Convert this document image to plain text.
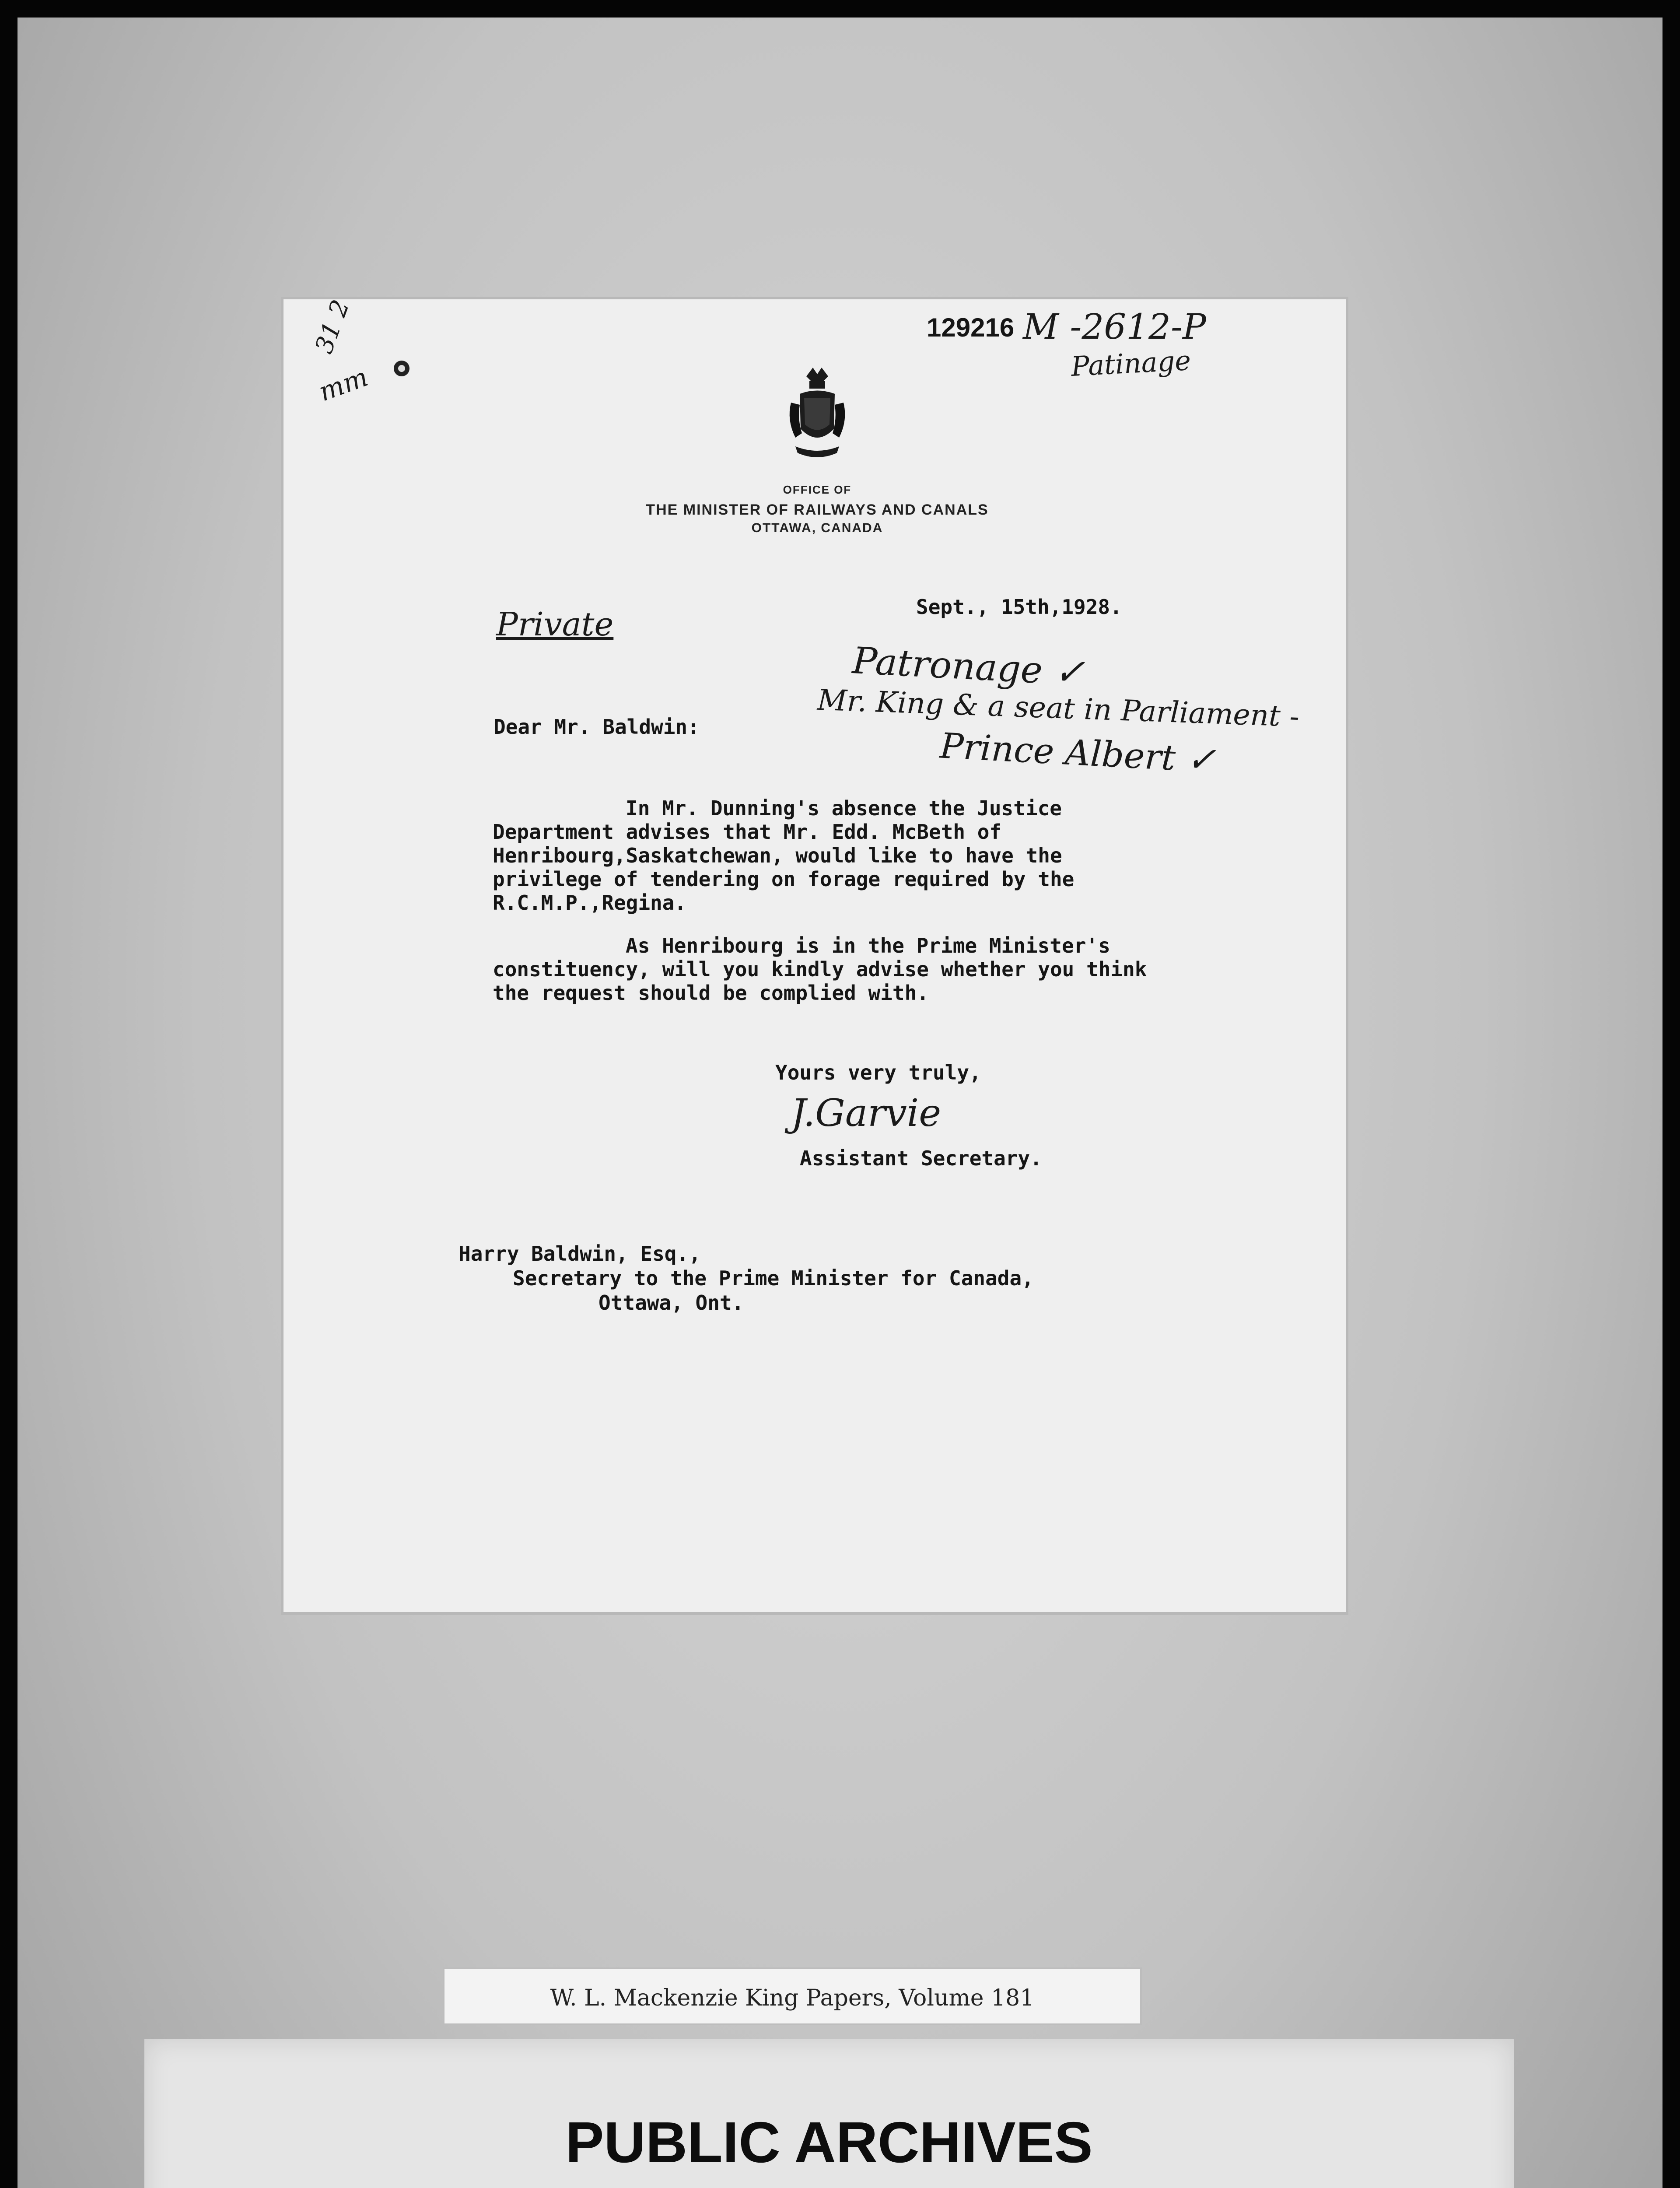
31 2
mm
129216 M -2612-P
Patinage
OFFICE OF
THE MINISTER OF RAILWAYS AND CANALS
OTTAWA, CANADA
Sept., 15th,1928.
Private
Patronage ✓
Mr. King & a seat in Parliament -
Prince Albert ✓
Dear Mr. Baldwin:
In Mr. Dunning's absence the Justice
Department advises that Mr. Edd. McBeth of
Henribourg,Saskatchewan, would like to have the
privilege of tendering on forage required by the
R.C.M.P.,Regina.
As Henribourg is in the Prime Minister's
constituency, will you kindly advise whether you think
the request should be complied with.
Yours very truly,
J.Garvie
Assistant Secretary.
Harry Baldwin, Esq.,
Secretary to the Prime Minister for Canada,
Ottawa, Ont.
W. L. Mackenzie King Papers, Volume 181
PUBLIC ARCHIVES
